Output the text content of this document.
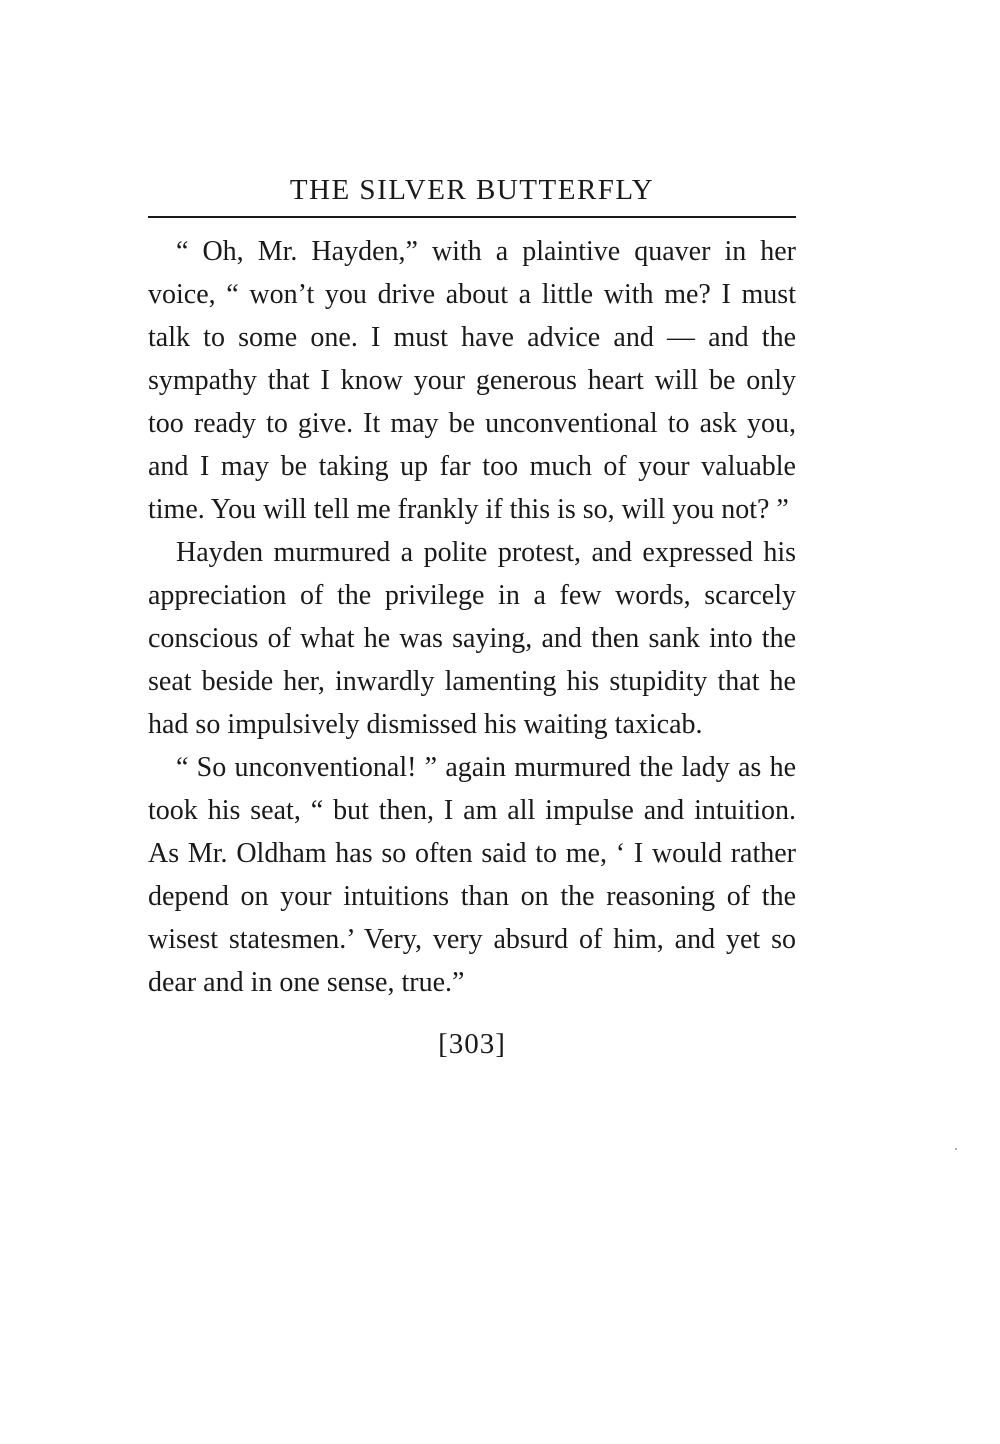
THE SILVER BUTTERFLY

“ Oh, Mr. Hayden,” with a plaintive quaver in her voice, “ won’t you drive about a little with me? I must talk to some one. I must have advice and — and the sympathy that I know your generous heart will be only too ready to give. It may be unconventional to ask you, and I may be taking up far too much of your valuable time. You will tell me frankly if this is so, will you not? ”

Hayden murmured a polite protest, and expressed his appreciation of the privilege in a few words, scarcely conscious of what he was saying, and then sank into the seat beside her, inwardly lamenting his stupidity that he had so impulsively dismissed his waiting taxicab.

“ So unconventional! ” again murmured the lady as he took his seat, “ but then, I am all impulse and intuition. As Mr. Oldham has so often said to me, ‘ I would rather depend on your intuitions than on the reasoning of the wisest statesmen.’ Very, very absurd of him, and yet so dear and in one sense, true.”

[303]
